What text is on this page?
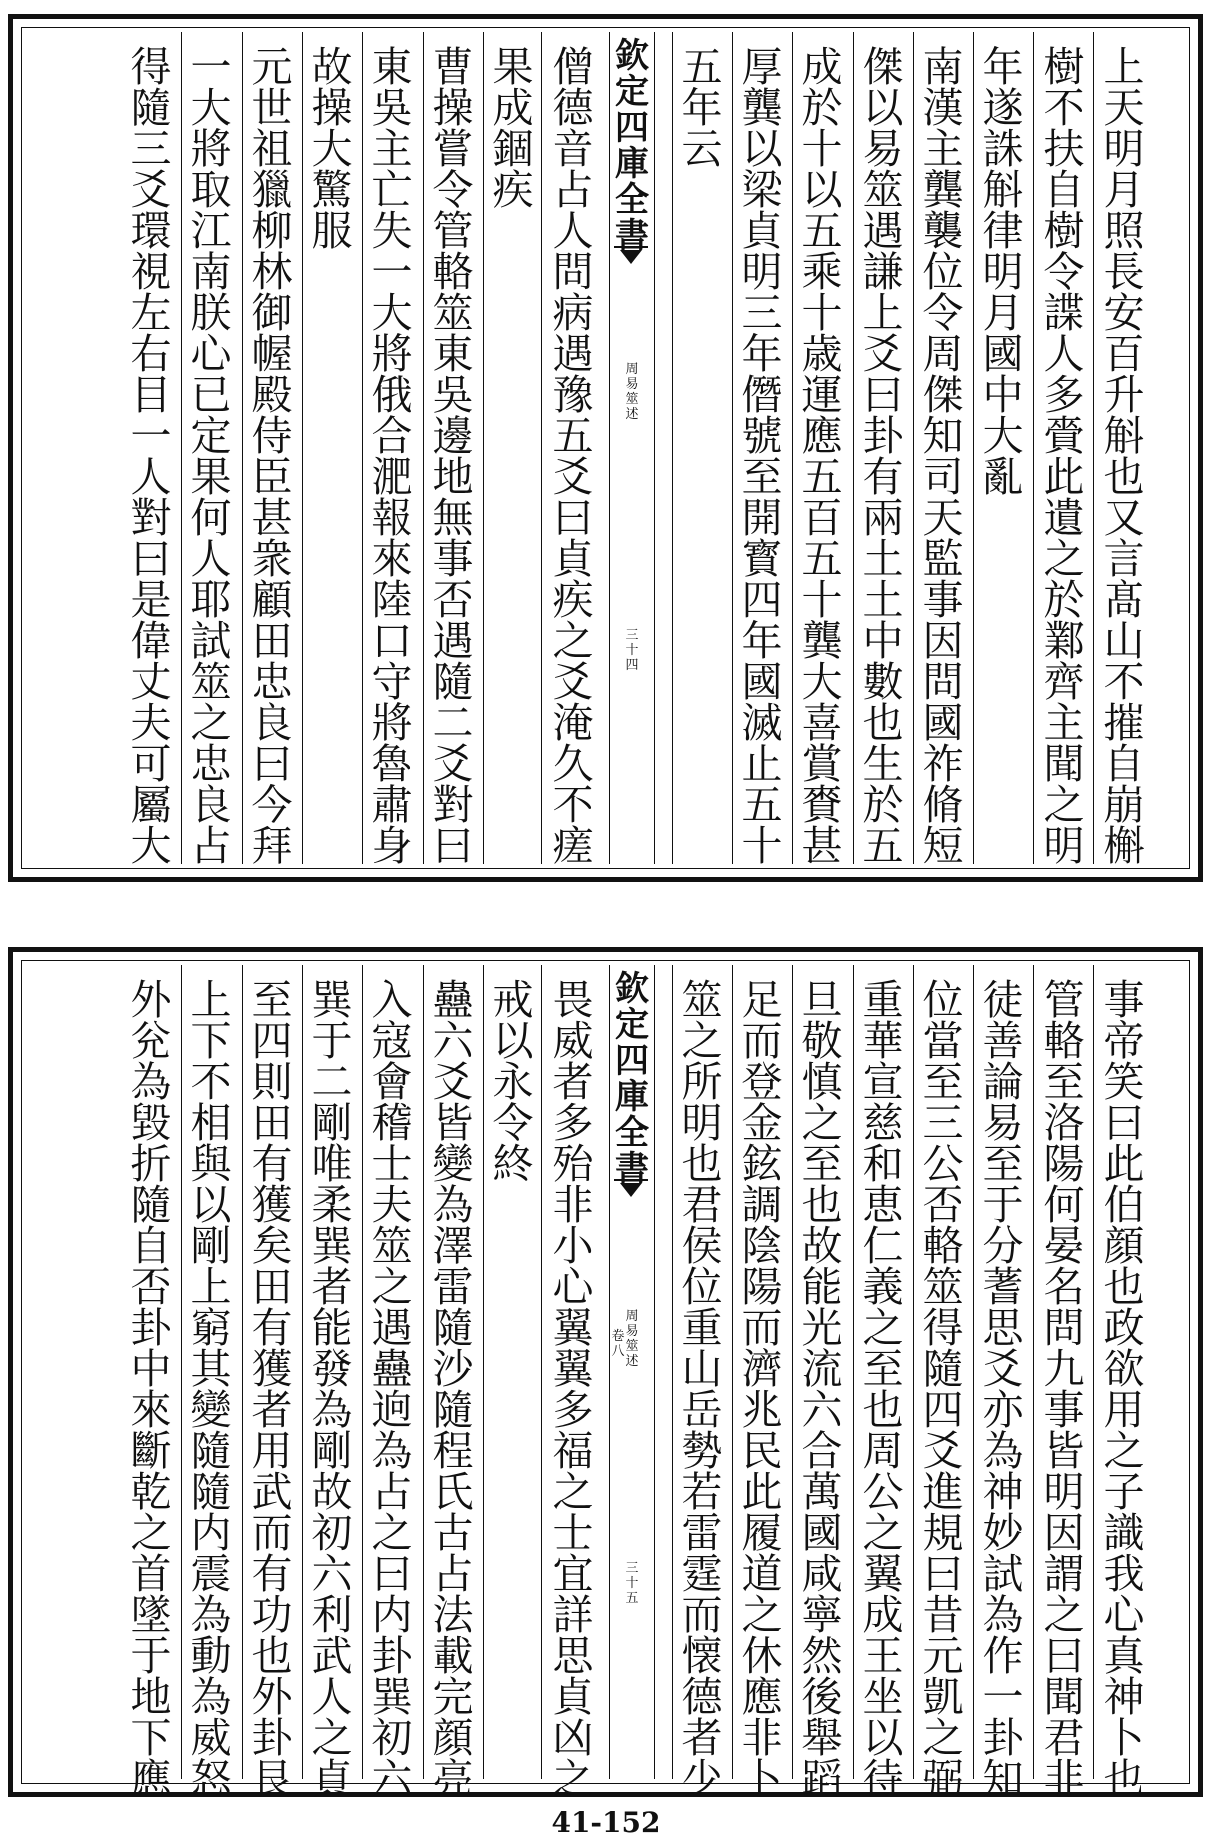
欽
定
四
庫
全
書
周
易
筮
述
三
十
四
上
天
明
月
照
長
安
百
升
斛
也
又
言
髙
山
不
摧
自
崩
槲
樹
不
扶
自
樹
令
諜
人
多
賫
此
遺
之
於
鄴
齊
主
聞
之
明
年
遂
誅
斛
律
明
月
國
中
大
亂
南
漢
主
龔
襲
位
令
周
傑
知
司
天
監
事
因
問
國
祚
脩
短
傑
以
易
筮
遇
謙
上
爻
曰
卦
有
兩
土
土
中
數
也
生
於
五
成
於
十
以
五
乘
十
歳
運
應
五
百
五
十
龔
大
喜
賞
賚
甚
厚
龔
以
梁
貞
明
三
年
僭
號
至
開
寳
四
年
國
滅
止
五
十
五
年
云
僧
德
音
占
人
問
病
遇
豫
五
爻
曰
貞
疾
之
爻
淹
久
不
瘥
果
成
錮
疾
曹
操
嘗
令
管
輅
筮
東
吳
邊
地
無
事
否
遇
隨
二
爻
對
曰
東
吳
主
亡
失
一
大
將
俄
合
淝
報
來
陸
口
守
將
魯
肅
身
故
操
大
驚
服
元
世
祖
獵
柳
林
御
幄
殿
侍
臣
甚
衆
顧
田
忠
良
曰
今
拜
一
大
將
取
江
南
朕
心
已
定
果
何
人
耶
試
筮
之
忠
良
占
得
隨
三
爻
環
視
左
右
目
一
人
對
曰
是
偉
丈
夫
可
屬
大
欽
定
四
庫
全
書
周
易
筮
述
卷
八
三
十
五
事
帝
笑
曰
此
伯
顔
也
政
欲
用
之
子
識
我
心
真
神
卜
也
管
輅
至
洛
陽
何
晏
名
問
九
事
皆
明
因
謂
之
曰
聞
君
非
徒
善
論
易
至
于
分
蓍
思
爻
亦
為
神
妙
試
為
作
一
卦
知
位
當
至
三
公
否
輅
筮
得
隨
四
爻
進
規
曰
昔
元
凱
之
弼
重
華
宣
慈
和
恵
仁
義
之
至
也
周
公
之
翼
成
王
坐
以
待
旦
敬
慎
之
至
也
故
能
光
流
六
合
萬
國
咸
寧
然
後
舉
蹈
足
而
登
金
鉉
調
陰
陽
而
濟
兆
民
此
履
道
之
休
應
非
卜
筮
之
所
明
也
君
侯
位
重
山
岳
勢
若
雷
霆
而
懐
德
者
少
畏
威
者
多
殆
非
小
心
翼
翼
多
福
之
士
宜
詳
思
貞
凶
之
戒
以
永
令
終
蠱
六
爻
皆
變
為
澤
雷
隨
沙
隨
程
氏
古
占
法
載
完
顔
亮
入
寇
會
稽
士
夫
筮
之
遇
蠱
逈
為
占
之
曰
内
卦
巽
初
六
巽
于
二
剛
唯
柔
巽
者
能
發
為
剛
故
初
六
利
武
人
之
貞
至
四
則
田
有
獲
矣
田
有
獲
者
用
武
而
有
功
也
外
卦
艮
上
下
不
相
與
以
剛
上
窮
其
變
隨
隨
内
震
為
動
為
威
怒
外
兊
為
毀
折
隨
自
否
卦
中
來
斷
乾
之
首
墜
于
地
下
應
41-152
